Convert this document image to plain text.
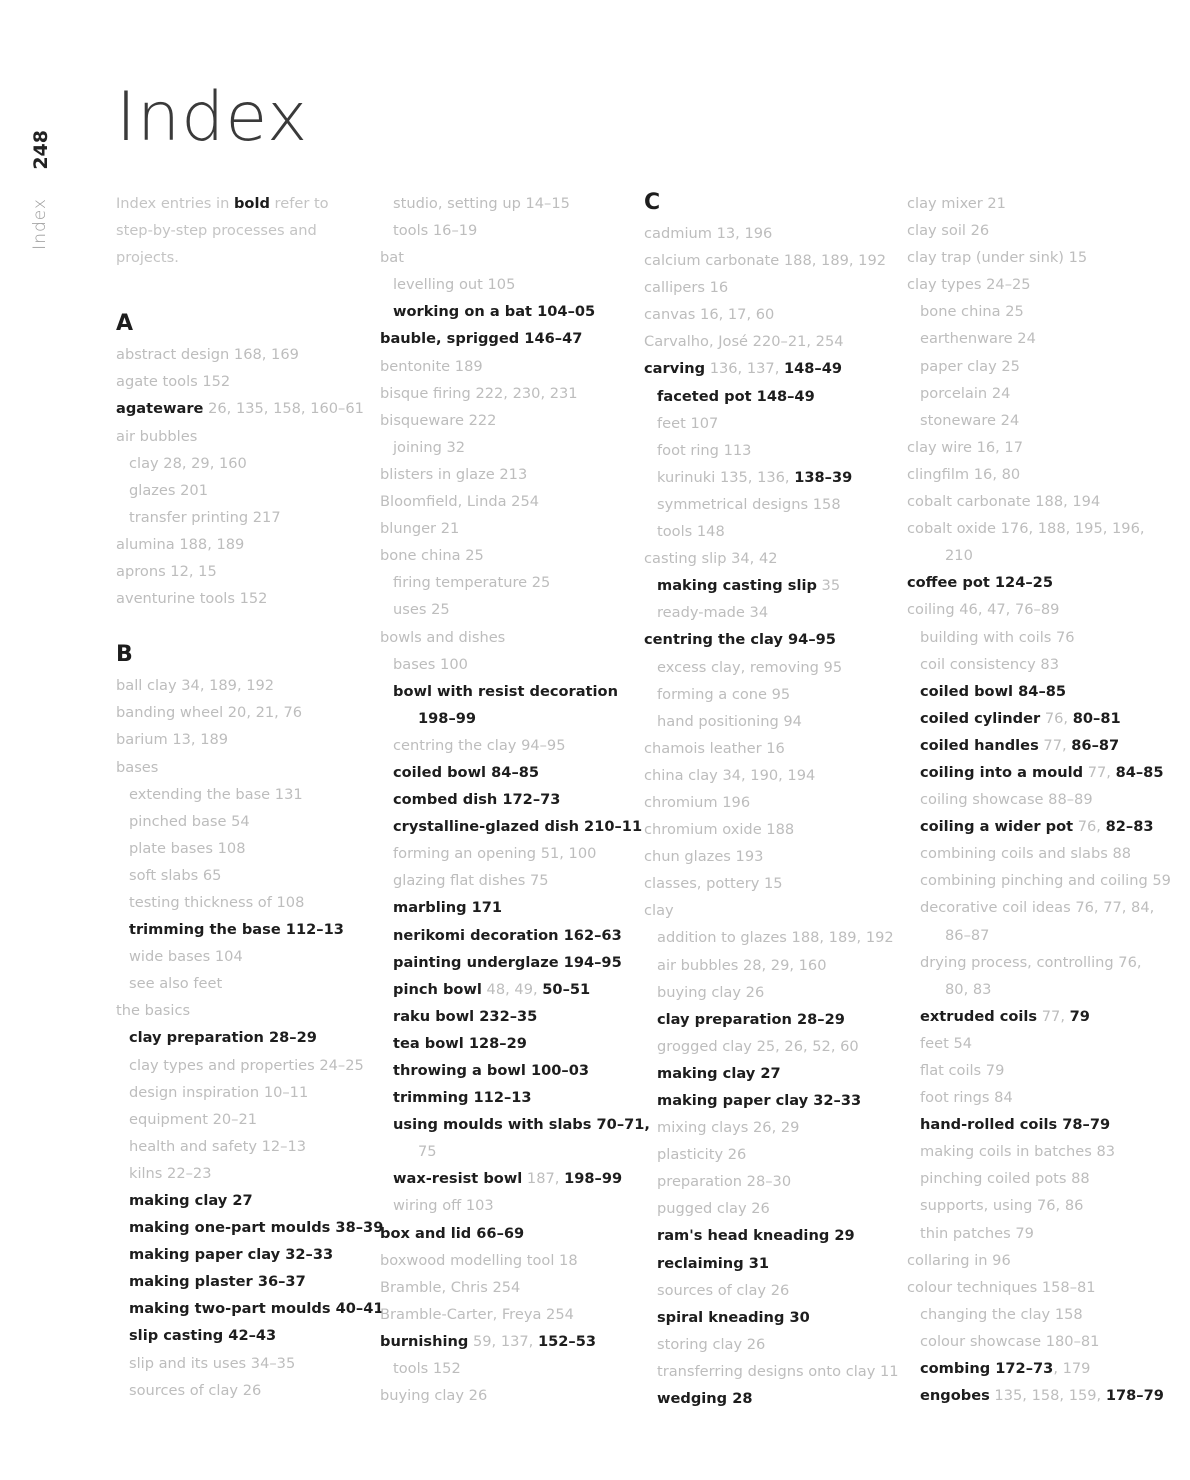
248
Index
Index
Index entries in bold refer to step-by-step processes and projects.
A
abstract design 168, 169
agate tools 152
agateware 26, 135, 158, 160–61
air bubbles
clay 28, 29, 160
glazes 201
transfer printing 217
alumina 188, 189
aprons 12, 15
aventurine tools 152
B
ball clay 34, 189, 192
banding wheel 20, 21, 76
barium 13, 189
bases
extending the base 131
pinched base 54
plate bases 108
soft slabs 65
testing thickness of 108
trimming the base 112–13
wide bases 104
see also feet
the basics
clay preparation 28–29
clay types and properties 24–25
design inspiration 10–11
equipment 20–21
health and safety 12–13
kilns 22–23
making clay 27
making one-part moulds 38–39
making paper clay 32–33
making plaster 36–37
making two-part moulds 40–41
slip casting 42–43
slip and its uses 34–35
sources of clay 26
studio, setting up 14–15
tools 16–19
bat
levelling out 105
working on a bat 104–05
bauble, sprigged 146–47
bentonite 189
bisque firing 222, 230, 231
bisqueware 222
joining 32
blisters in glaze 213
Bloomfield, Linda 254
blunger 21
bone china 25
firing temperature 25
uses 25
bowls and dishes
bases 100
bowl with resist decoration
198–99
centring the clay 94–95
coiled bowl 84–85
combed dish 172–73
crystalline-glazed dish 210–11
forming an opening 51, 100
glazing flat dishes 75
marbling 171
nerikomi decoration 162–63
painting underglaze 194–95
pinch bowl 48, 49, 50–51
raku bowl 232–35
tea bowl 128–29
throwing a bowl 100–03
trimming 112–13
using moulds with slabs 70–71,
75
wax-resist bowl 187, 198–99
wiring off 103
box and lid 66–69
boxwood modelling tool 18
Bramble, Chris 254
Bramble-Carter, Freya 254
burnishing 59, 137, 152–53
tools 152
buying clay 26
C
cadmium 13, 196
calcium carbonate 188, 189, 192
callipers 16
canvas 16, 17, 60
Carvalho, José 220–21, 254
carving 136, 137, 148–49
faceted pot 148–49
feet 107
foot ring 113
kurinuki 135, 136, 138–39
symmetrical designs 158
tools 148
casting slip 34, 42
making casting slip 35
ready-made 34
centring the clay 94–95
excess clay, removing 95
forming a cone 95
hand positioning 94
chamois leather 16
china clay 34, 190, 194
chromium 196
chromium oxide 188
chun glazes 193
classes, pottery 15
clay
addition to glazes 188, 189, 192
air bubbles 28, 29, 160
buying clay 26
clay preparation 28–29
grogged clay 25, 26, 52, 60
making clay 27
making paper clay 32–33
mixing clays 26, 29
plasticity 26
preparation 28–30
pugged clay 26
ram's head kneading 29
reclaiming 31
sources of clay 26
spiral kneading 30
storing clay 26
transferring designs onto clay 11
wedging 28
clay mixer 21
clay soil 26
clay trap (under sink) 15
clay types 24–25
bone china 25
earthenware 24
paper clay 25
porcelain 24
stoneware 24
clay wire 16, 17
clingfilm 16, 80
cobalt carbonate 188, 194
cobalt oxide 176, 188, 195, 196,
210
coffee pot 124–25
coiling 46, 47, 76–89
building with coils 76
coil consistency 83
coiled bowl 84–85
coiled cylinder 76, 80–81
coiled handles 77, 86–87
coiling into a mould 77, 84–85
coiling showcase 88–89
coiling a wider pot 76, 82–83
combining coils and slabs 88
combining pinching and coiling 59
decorative coil ideas 76, 77, 84,
86–87
drying process, controlling 76,
80, 83
extruded coils 77, 79
feet 54
flat coils 79
foot rings 84
hand-rolled coils 78–79
making coils in batches 83
pinching coiled pots 88
supports, using 76, 86
thin patches 79
collaring in 96
colour techniques 158–81
changing the clay 158
colour showcase 180–81
combing 172–73, 179
engobes 135, 158, 159, 178–79
